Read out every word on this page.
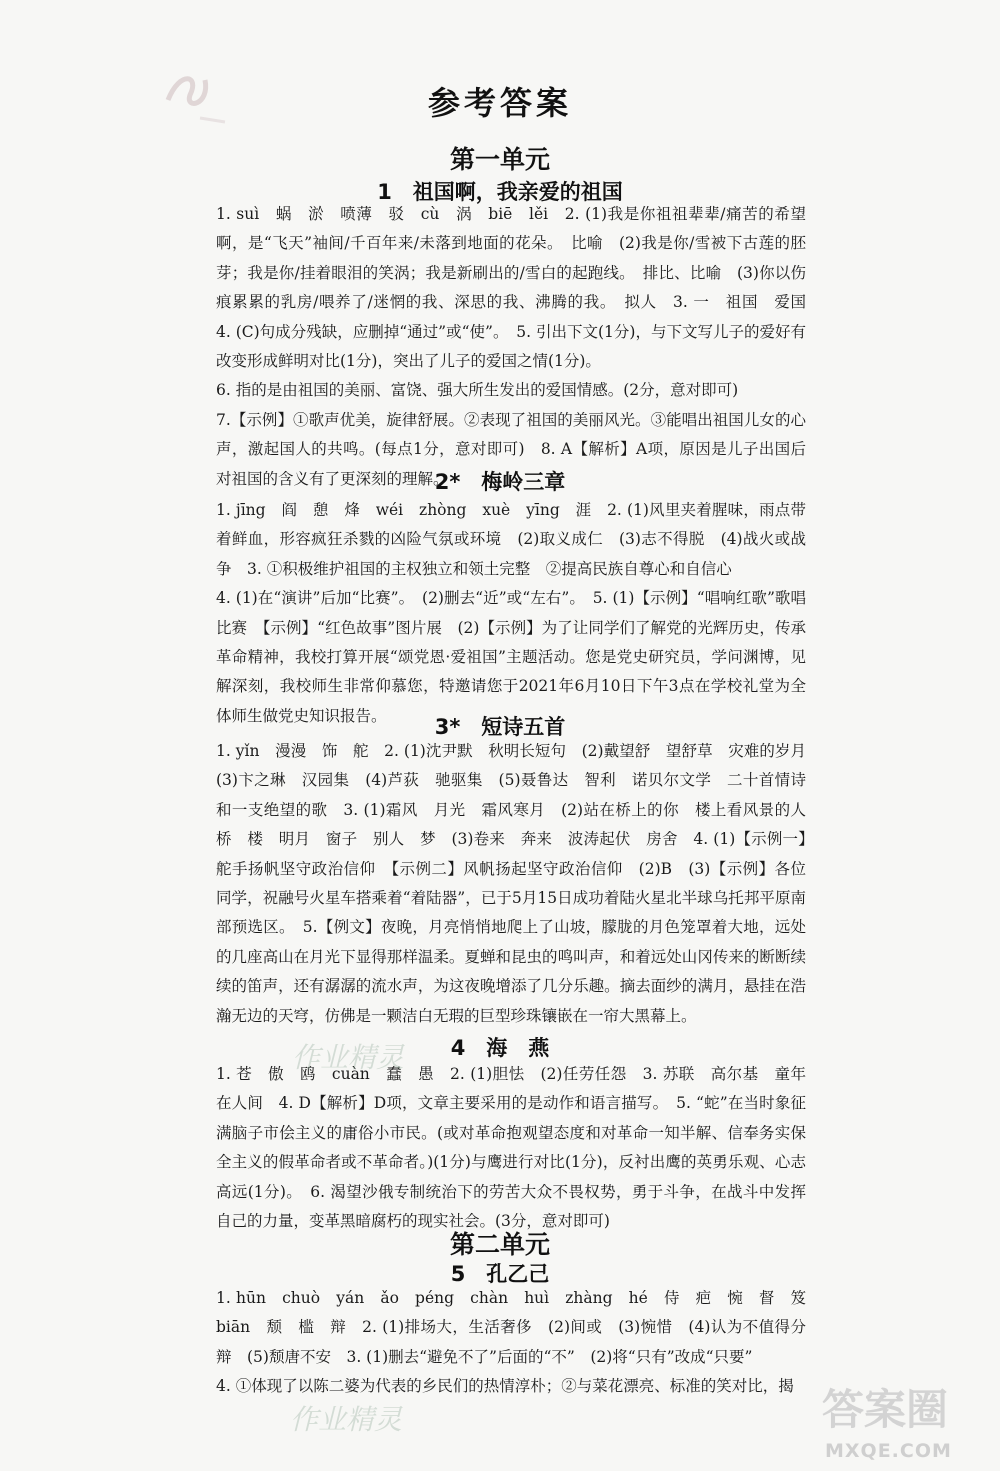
参考答案
第一单元
1　祖国啊，我亲爱的祖国

1. suì　蜗　淤　喷薄　驳　cù　涡　biē　lěi　2. (1)我是你祖祖辈辈/痛苦的希望啊，是“飞天”袖间/千百年来/未落到地面的花朵。　比喻　(2)我是你/雪被下古莲的胚芽；我是你/挂着眼泪的笑涡；我是新刷出的/雪白的起跑线。　排比、比喻　(3)你以伤痕累累的乳房/喂养了/迷惘的我、深思的我、沸腾的我。　拟人　3. 一　祖国　爱国　4. (C)句成分残缺，应删掉“通过”或“使”。　5. 引出下文(1分)，与下文写儿子的爱好有改变形成鲜明对比(1分)，突出了儿子的爱国之情(1分)。

6. 指的是由祖国的美丽、富饶、强大所生发出的爱国情感。(2分，意对即可)

7.【示例】①歌声优美，旋律舒展。②表现了祖国的美丽风光。③能唱出祖国儿女的心声，激起国人的共鸣。(每点1分，意对即可)　8. A【解析】A项，原因是儿子出国后对祖国的含义有了更深刻的理解。

2*　梅岭三章

1. jīng　阎　憩　烽　wéi　zhòng　xuè　yīng　涯　2. (1)风里夹着腥味，雨点带着鲜血，形容疯狂杀戮的凶险气氛或环境　(2)取义成仁　(3)志不得脱　(4)战火或战争　3. ①积极维护祖国的主权独立和领土完整　②提高民族自尊心和自信心

4. (1)在“演讲”后加“比赛”。　(2)删去“近”或“左右”。　5. (1)【示例】“唱响红歌”歌唱比赛　【示例】“红色故事”图片展　(2)【示例】为了让同学们了解党的光辉历史，传承革命精神，我校打算开展“颂党恩·爱祖国”主题活动。您是党史研究员，学问渊博，见解深刻，我校师生非常仰慕您，特邀请您于2021年6月10日下午3点在学校礼堂为全体师生做党史知识报告。	3*　短诗五首

1. yǐn　漫漫　饰　舵　2. (1)沈尹默　秋明长短句　(2)戴望舒　望舒草　灾难的岁月　(3)卞之琳　汉园集　(4)芦荻　驰驱集　(5)聂鲁达　智利　诺贝尔文学　二十首情诗和一支绝望的歌　3. (1)霜风　月光　霜风寒月　(2)站在桥上的你　楼上看风景的人　桥　楼　明月　窗子　别人　梦　(3)卷来　奔来　波涛起伏　房舍　4. (1)【示例一】舵手扬帆坚守政治信仰　【示例二】风帆扬起坚守政治信仰　(2)B　(3)【示例】各位同学，祝融号火星车搭乘着“着陆器”，已于5月15日成功着陆火星北半球乌托邦平原南部预选区。　5.【例文】夜晚，月亮悄悄地爬上了山坡，朦胧的月色笼罩着大地，远处的几座高山在月光下显得那样温柔。夏蝉和昆虫的鸣叫声，和着远处山冈传来的断断续续的笛声，还有潺潺的流水声，为这夜晚增添了几分乐趣。摘去面纱的满月，悬挂在浩瀚无边的天穹，仿佛是一颗洁白无瑕的巨型珍珠镶嵌在一帘大黑幕上。

4　海　燕

1. 苍　傲　鸥　cuàn　蠢　愚　2. (1)胆怯　(2)任劳任怨　3. 苏联　高尔基　童年　在人间　4. D【解析】D项，文章主要采用的是动作和语言描写。　5. “蛇”在当时象征满脑子市侩主义的庸俗小市民。(或对革命抱观望态度和对革命一知半解、信奉务实保全主义的假革命者或不革命者。)(1分)与鹰进行对比(1分)，反衬出鹰的英勇乐观、心志高远(1分)。　6. 渴望沙俄专制统治下的劳苦大众不畏权势，勇于斗争，在战斗中发挥自己的力量，变革黑暗腐朽的现实社会。(3分，意对即可)

第二单元
5　孔乙己

1. hūn　chuò　yán　ǎo　péng　chàn　huì　zhàng　hé　侍　疤　惋　督　笈　biān　颓　槛　辩　2. (1)排场大，生活奢侈　(2)间或　(3)惋惜　(4)认为不值得分辩　(5)颓唐不安　3. (1)删去“避免不了”后面的“不”　(2)将“只有”改成“只要”

4. ①体现了以陈二婆为代表的乡民们的热情淳朴；②与菜花漂亮、标准的笑对比，揭

作业精灵
作业精灵	答案圈
MXQE.COM
